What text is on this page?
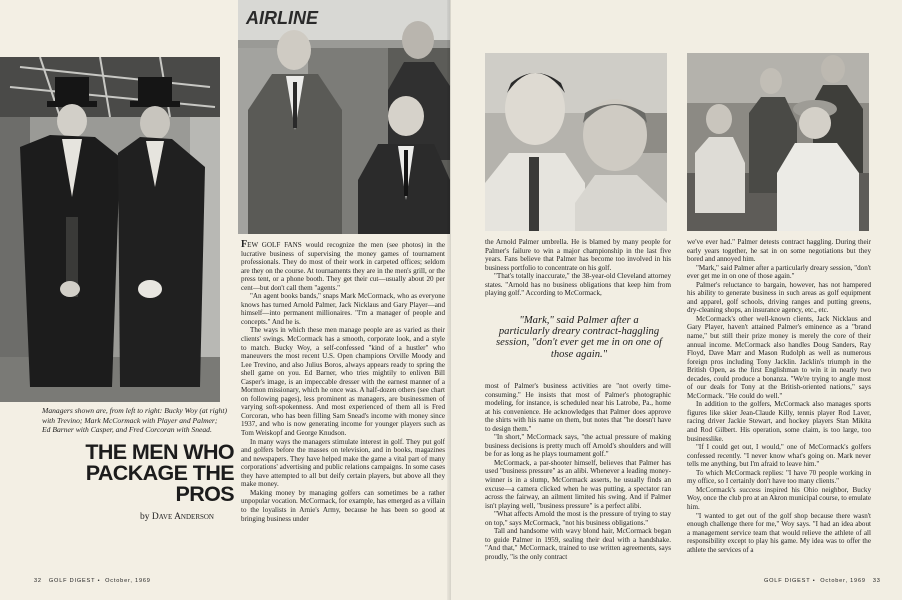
Managers shown are, from left to right: Bucky Woy (at right) with Trevino; Mark McCormack with Player and Palmer; Ed Barner with Casper, and Fred Corcoran with Snead.
THE MEN WHO PACKAGE THE PROS
by Dave Anderson
AIRLINE

FEW GOLF FANS would recognize the men (see photos) in the lucrative business of supervising the money games of tournament professionals. They do most of their work in carpeted offices; seldom are they on the course. At tournaments they are in the men's grill, or the press tent, or a phone booth. They get their cut—usually about 20 per cent—but don't call them "agents."

"An agent books bands," snaps Mark McCormack, who as everyone knows has turned Arnold Palmer, Jack Nicklaus and Gary Player—and himself—into permanent millionaires. "I'm a manager of people and concepts." And he is.

The ways in which these men manage people are as varied as their clients' swings. McCormack has a smooth, corporate look, and a style to match. Bucky Woy, a self-confessed "kind of a hustler" who maneuvers the most recent U.S. Open champions Orville Moody and Lee Trevino, and also Julius Boros, always appears ready to spring the shell game on you. Ed Barner, who tries mightily to enliven Bill Casper's image, is an impeccable dresser with the earnest manner of a Mormon missionary, which he once was. A half-dozen others (see chart on following pages), less prominent as managers, are businessmen of varying soft-spokenness. And most experienced of them all is Fred Corcoran, who has been filling Sam Snead's income with money since 1937, and who is now generating income for younger players such as Tom Weiskopf and George Knudson.

In many ways the managers stimulate interest in golf. They put golf and golfers before the masses on television, and in books, magazines and newspapers. They have helped make the game a vital part of many corporations' advertising and public relations campaigns. In some cases they have attempted to all but deify certain players, but above all they make money.

Making money by managing golfers can sometimes be a rather unpopular vocation. McCormack, for example, has emerged as a villain to the loyalists in Arnie's Army, because he has been so good at bringing business under

32 GOLF DIGEST •  October, 1969

the Arnold Palmer umbrella. He is blamed by many people for Palmer's failure to win a major championship in the last five years. Fans believe that Palmer has become too involved in his business portfolio to concentrate on his golf.

"That's totally inaccurate," the 38-year-old Cleveland attorney states. "Arnold has no business obligations that keep him from playing golf." According to McCormack,

"Mark," said Palmer after a particularly dreary contract-haggling session, "don't ever get me in on one of those again."

most of Palmer's business activities are "not overly time-consuming." He insists that most of Palmer's photographic modeling, for instance, is scheduled near his Latrobe, Pa., home at his convenience. He acknowledges that Palmer does approve the shirts with his name on them, but notes that "he doesn't have to design them."

"In short," McCormack says, "the actual pressure of making business decisions is pretty much off Arnold's shoulders and will be for as long as he plays tournament golf."

McCormack, a par-shooter himself, believes that Palmer has used "business pressure" as an alibi. Whenever a leading money-winner is in a slump, McCormack asserts, he usually finds an excuse—a camera clicked when he was putting, a spectator ran across the fairway, an ailment limited his swing. And if Palmer isn't playing well, "business pressure" is a perfect alibi.

"What affects Arnold the most is the pressure of trying to stay on top," says McCormack, "not his business obligations."

Tall and handsome with wavy blond hair, McCormack began to guide Palmer in 1959, sealing their deal with a handshake. "And that," McCormack, trained to use written agreements, says proudly, "is the only contract

we've ever had." Palmer detests contract haggling. During their early years together, he sat in on some negotiations but they bored and annoyed him.

"Mark," said Palmer after a particularly dreary session, "don't ever get me in on one of those again."

Palmer's reluctance to bargain, however, has not hampered his ability to generate business in such areas as golf equipment and apparel, golf schools, driving ranges and putting greens, dry-cleaning shops, an insurance agency, etc., etc.

McCormack's other well-known clients, Jack Nicklaus and Gary Player, haven't attained Palmer's eminence as a "brand name," but still their prize money is merely the core of their annual income. McCormack also handles Doug Sanders, Ray Floyd, Dave Marr and Mason Rudolph as well as numerous foreign pros including Tony Jacklin. Jacklin's triumph in the British Open, as the first Englishman to win it in nearly two decades, could produce a bonanza. "We're trying to angle most of our deals for Tony at the British-oriented nations," says McCormack. "He could do well."

In addition to the golfers, McCormack also manages sports figures like skier Jean-Claude Killy, tennis player Rod Laver, racing driver Jackie Stewart, and hockey players Stan Mikita and Rod Gilbert. His operation, some claim, is too large, too businesslike.

"If I could get out, I would," one of McCormack's golfers confessed recently. "I never know what's going on. Mark never tells me anything, but I'm afraid to leave him."

To which McCormack replies: "I have 70 people working in my office, so I certainly don't have too many clients."

McCormack's success inspired his Ohio neighbor, Bucky Woy, once the club pro at an Akron municipal course, to emulate him.

"I wanted to get out of the golf shop because there wasn't enough challenge there for me," Woy says. "I had an idea about a management service team that would relieve the athlete of all responsibility except to play his game. My idea was to offer the athlete the services of a

GOLF DIGEST •  October, 1969 33
